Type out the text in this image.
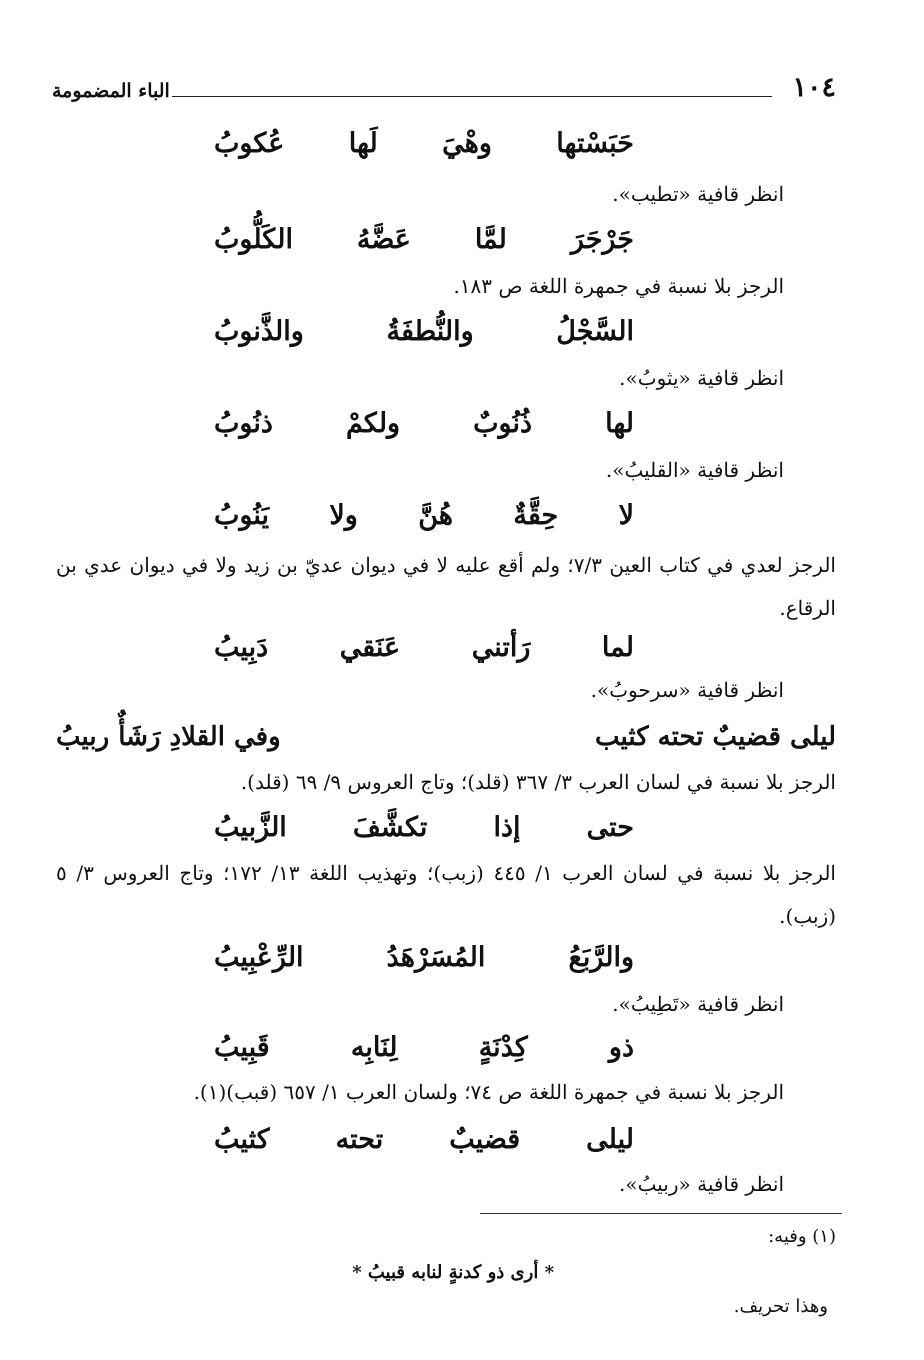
١٠٤
الباء المضمومة
حَبَسْتها وهْيَ لَها عُكوبُ
انظر قافية «تطيب».
جَرْجَرَ لمَّا عَضَّهُ الكَلُّوبُ
الرجز بلا نسبة في جمهرة اللغة ص ١٨٣.
السَّجْلُ والنُّطفَةُ والذَّنوبُ
انظر قافية «يثوبُ».
لها ذُنُوبٌ ولكمْ ذنُوبُ
انظر قافية «القليبُ».
لا حِقَّةٌ هُنَّ ولا يَنُوبُ
الرجز لعدي في كتاب العين ٧/٣؛ ولم أقع عليه لا في ديوان عديّ بن زيد ولا في ديوان عدي بن الرقاع.
لما رَأتني عَنَقي دَبِيبُ
انظر قافية «سرحوبُ».
ليلى قضيبٌ تحته كثيب
وفي القلادِ رَشَأٌ ربيبُ
الرجز بلا نسبة في لسان العرب ٣/ ٣٦٧ (قلد)؛ وتاج العروس ٩/ ٦٩ (قلد).
حتى إذا تكشَّفَ الزَّبيبُ
الرجز بلا نسبة في لسان العرب ١/ ٤٤٥ (زبب)؛ وتهذيب اللغة ١٣/ ١٧٢؛ وتاج العروس ٣/ ٥ (زبب).
والرَّبَعُ المُسَرْهَدُ الرِّعْبِيبُ
انظر قافية «تَطِيبُ».
ذو كِدْنَةٍ لِنَابِه قَبِيبُ
الرجز بلا نسبة في جمهرة اللغة ص ٧٤؛ ولسان العرب ١/ ٦٥٧ (قبب)(١).
ليلى قضيبٌ تحته كثيبُ
انظر قافية «ربيبُ».
(١) وفيه:
* أرى ذو كدنةٍ لنابه قبيبُ *
وهذا تحريف.
